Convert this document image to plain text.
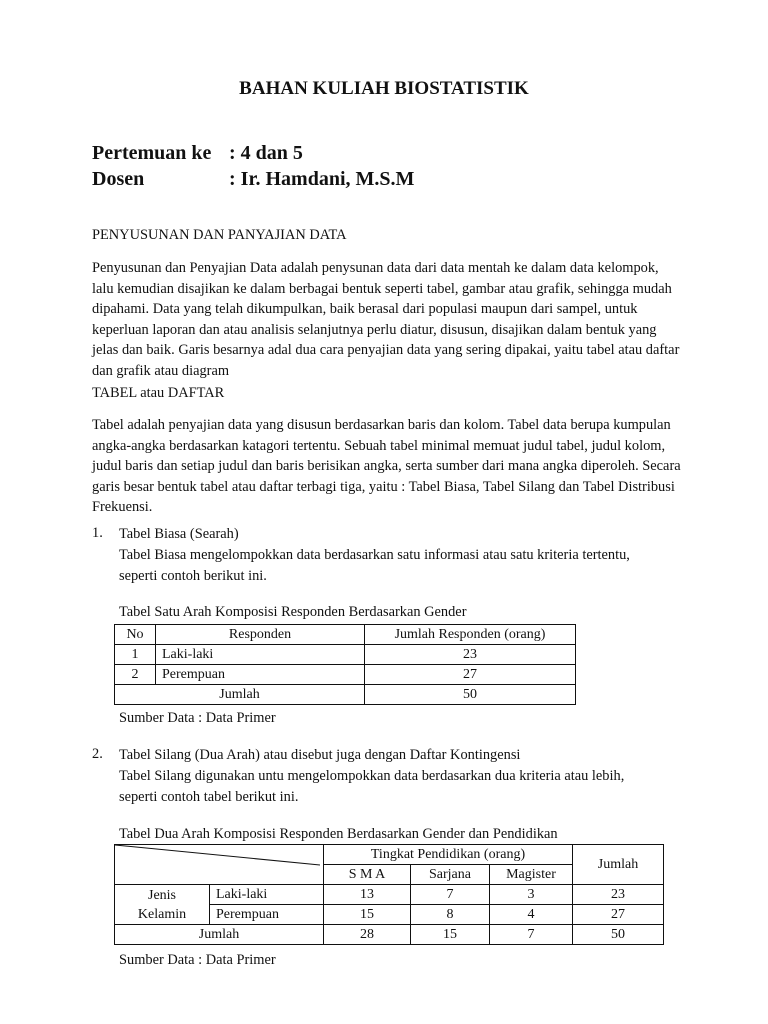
BAHAN KULIAH BIOSTATISTIK
Pertemuan ke : 4 dan 5
Dosen	: Ir. Hamdani, M.S.M
PENYUSUNAN DAN PANYAJIAN DATA
Penyusunan dan Penyajian Data adalah penysunan data dari data mentah ke dalam data kelompok, lalu kemudian disajikan ke dalam berbagai bentuk seperti tabel, gambar atau grafik, sehingga mudah dipahami. Data yang telah dikumpulkan, baik berasal dari populasi maupun dari sampel, untuk keperluan laporan dan atau analisis selanjutnya perlu diatur, disusun, disajikan dalam bentuk yang jelas dan baik. Garis besarnya adal dua cara penyajian data yang sering dipakai, yaitu tabel atau daftar dan grafik atau diagram
TABEL atau DAFTAR
Tabel adalah penyajian data yang disusun berdasarkan baris dan kolom. Tabel data berupa kumpulan angka-angka berdasarkan katagori tertentu. Sebuah tabel minimal memuat judul tabel, judul kolom, judul baris dan setiap judul dan baris berisikan angka, serta sumber dari mana angka diperoleh. Secara garis besar bentuk tabel atau daftar terbagi tiga, yaitu : Tabel Biasa, Tabel Silang dan Tabel Distribusi Frekuensi.
1. Tabel Biasa (Searah)
Tabel Biasa mengelompokkan data berdasarkan satu informasi atau satu kriteria tertentu,
seperti contoh berikut ini.
Tabel Satu Arah Komposisi Responden Berdasarkan Gender
No	Responden	Jumlah Responden (orang)
1	Laki-laki	23
2	Perempuan	27
Jumlah		50
Sumber Data : Data Primer
2. Tabel Silang (Dua Arah) atau disebut juga dengan Daftar Kontingensi
Tabel Silang digunakan untu mengelompokkan data berdasarkan dua kriteria atau lebih,
seperti contoh tabel berikut ini.
Tabel Dua Arah Komposisi Responden Berdasarkan Gender dan Pendidikan
		Tingkat Pendidikan (orang)			Jumlah
		S M A	Sarjana	Magister	
Jenis
Kelamin	Laki-laki	13	7	3	23
	Perempuan	15	8	4	27
Jumlah		28	15	7	50
Sumber Data : Data Primer
